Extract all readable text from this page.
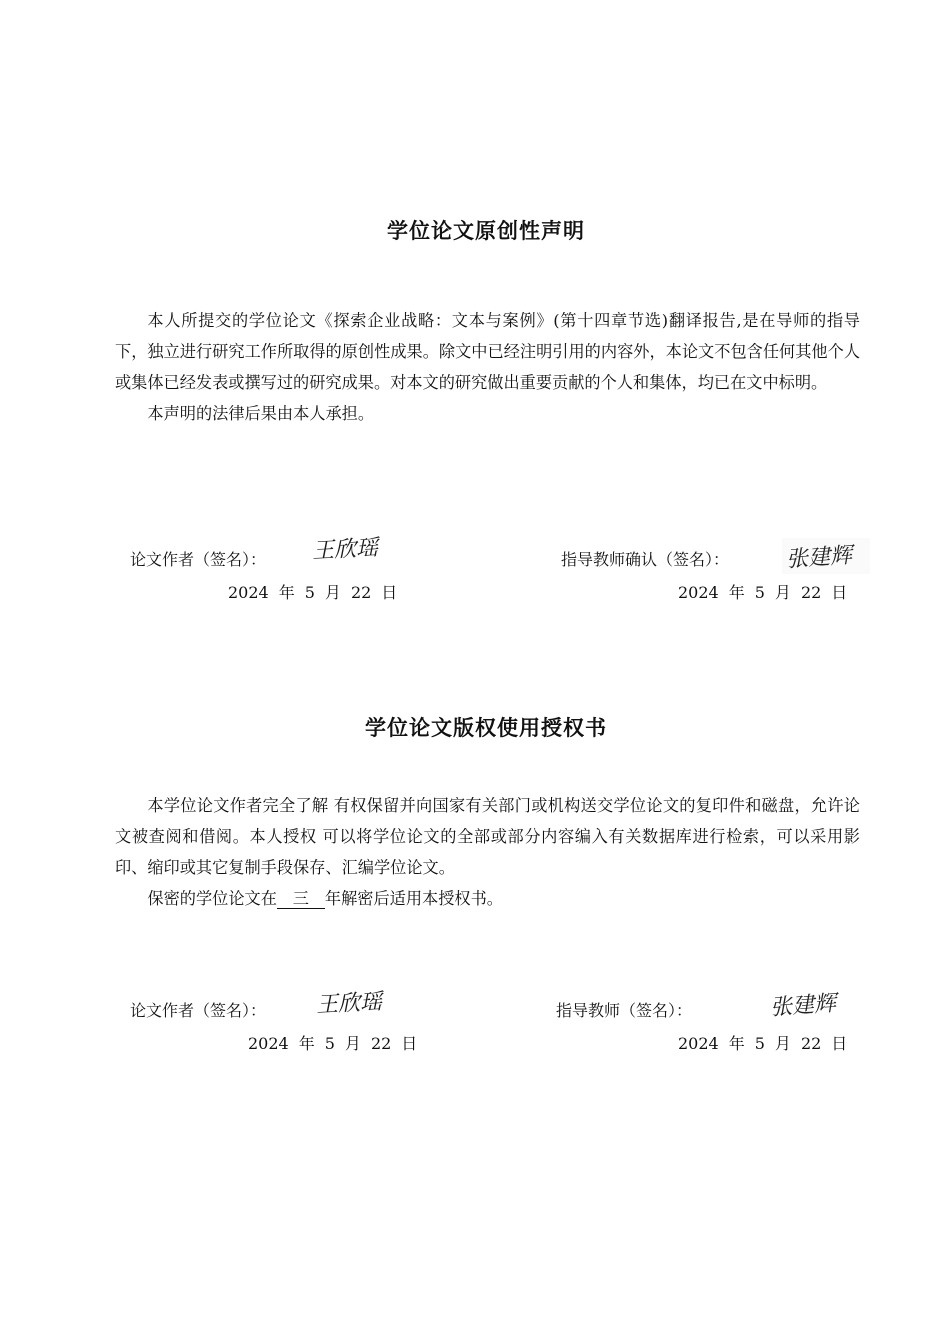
学位论文原创性声明

本人所提交的学位论文《探索企业战略：文本与案例》(第十四章节选)翻译报告,是在导师的指导下，独立进行研究工作所取得的原创性成果。除文中已经注明引用的内容外，本论文不包含任何其他个人或集体已经发表或撰写过的研究成果。对本文的研究做出重要贡献的个人和集体，均已在文中标明。

本声明的法律后果由本人承担。

论文作者（签名）： 王欣瑶	指导教师确认（签名）：	张建辉
2024 年 5 月 22 日	2024 年 5 月 22 日
学位论文版权使用授权书

本学位论文作者完全了解 有权保留并向国家有关部门或机构送交学位论文的复印件和磁盘，允许论文被查阅和借阅。本人授权 可以将学位论文的全部或部分内容编入有关数据库进行检索，可以采用影印、缩印或其它复制手段保存、汇编学位论文。

保密的学位论文在 三 年解密后适用本授权书。

论文作者（签名）： 王欣瑶	指导教师（签名）：	张建辉
2024 年 5 月 22 日	2024 年 5 月 22 日
